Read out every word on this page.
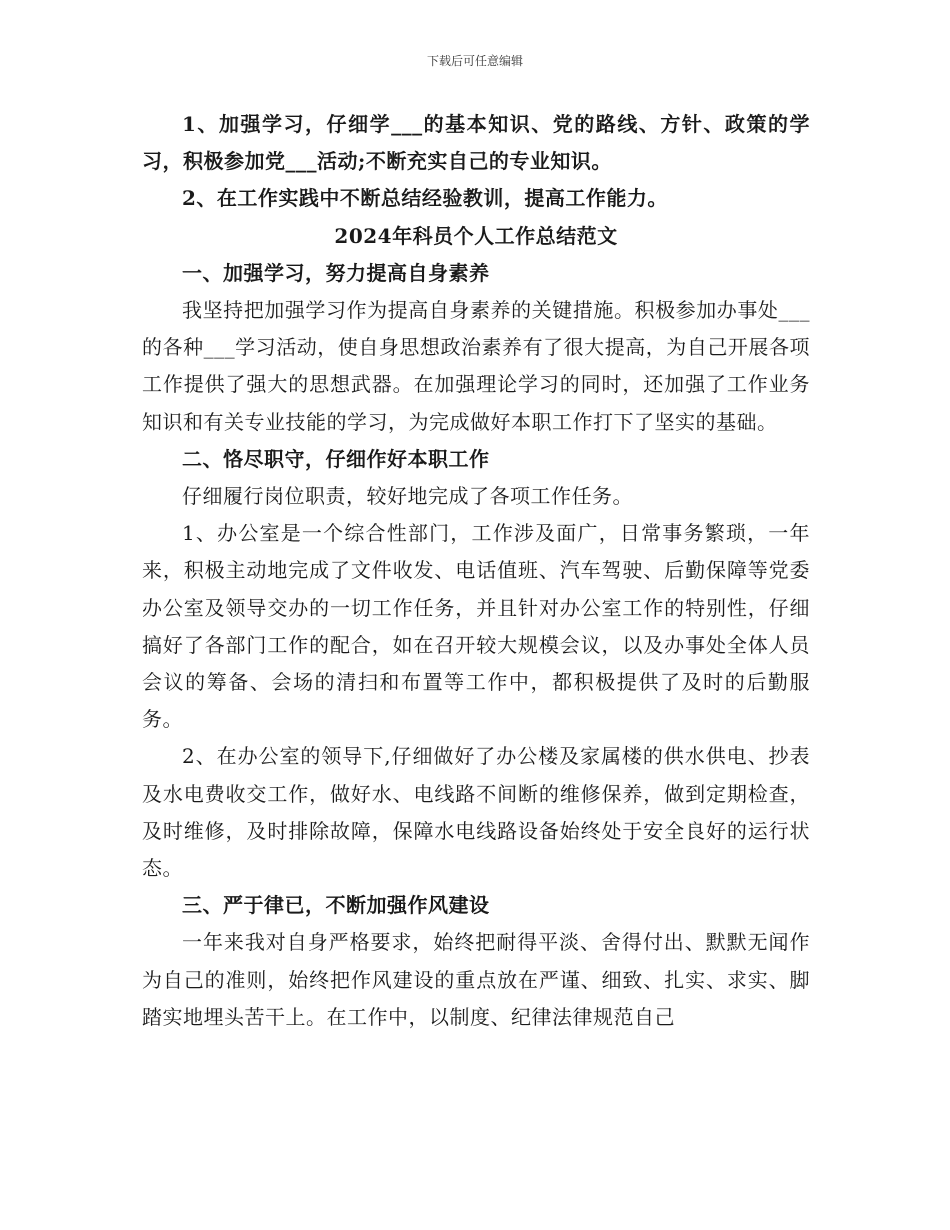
下载后可任意编辑

1、加强学习，仔细学___的基本知识、党的路线、方针、政策的学习，积极参加党___活动;不断充实自己的专业知识。

2、在工作实践中不断总结经验教训，提高工作能力。

2024年科员个人工作总结范文

一、加强学习，努力提高自身素养

我坚持把加强学习作为提高自身素养的关键措施。积极参加办事处___的各种___学习活动，使自身思想政治素养有了很大提高，为自己开展各项工作提供了强大的思想武器。在加强理论学习的同时，还加强了工作业务知识和有关专业技能的学习，为完成做好本职工作打下了坚实的基础。

二、恪尽职守，仔细作好本职工作

仔细履行岗位职责，较好地完成了各项工作任务。

1、办公室是一个综合性部门，工作涉及面广，日常事务繁琐，一年来，积极主动地完成了文件收发、电话值班、汽车驾驶、后勤保障等党委办公室及领导交办的一切工作任务，并且针对办公室工作的特别性，仔细搞好了各部门工作的配合，如在召开较大规模会议，以及办事处全体人员会议的筹备、会场的清扫和布置等工作中，都积极提供了及时的后勤服务。

2、在办公室的领导下,仔细做好了办公楼及家属楼的供水供电、抄表及水电费收交工作，做好水、电线路不间断的维修保养，做到定期检查，及时维修，及时排除故障，保障水电线路设备始终处于安全良好的运行状态。

三、严于律已，不断加强作风建设

一年来我对自身严格要求，始终把耐得平淡、舍得付出、默默无闻作为自己的准则，始终把作风建设的重点放在严谨、细致、扎实、求实、脚踏实地埋头苦干上。在工作中，以制度、纪律法律规范自己
